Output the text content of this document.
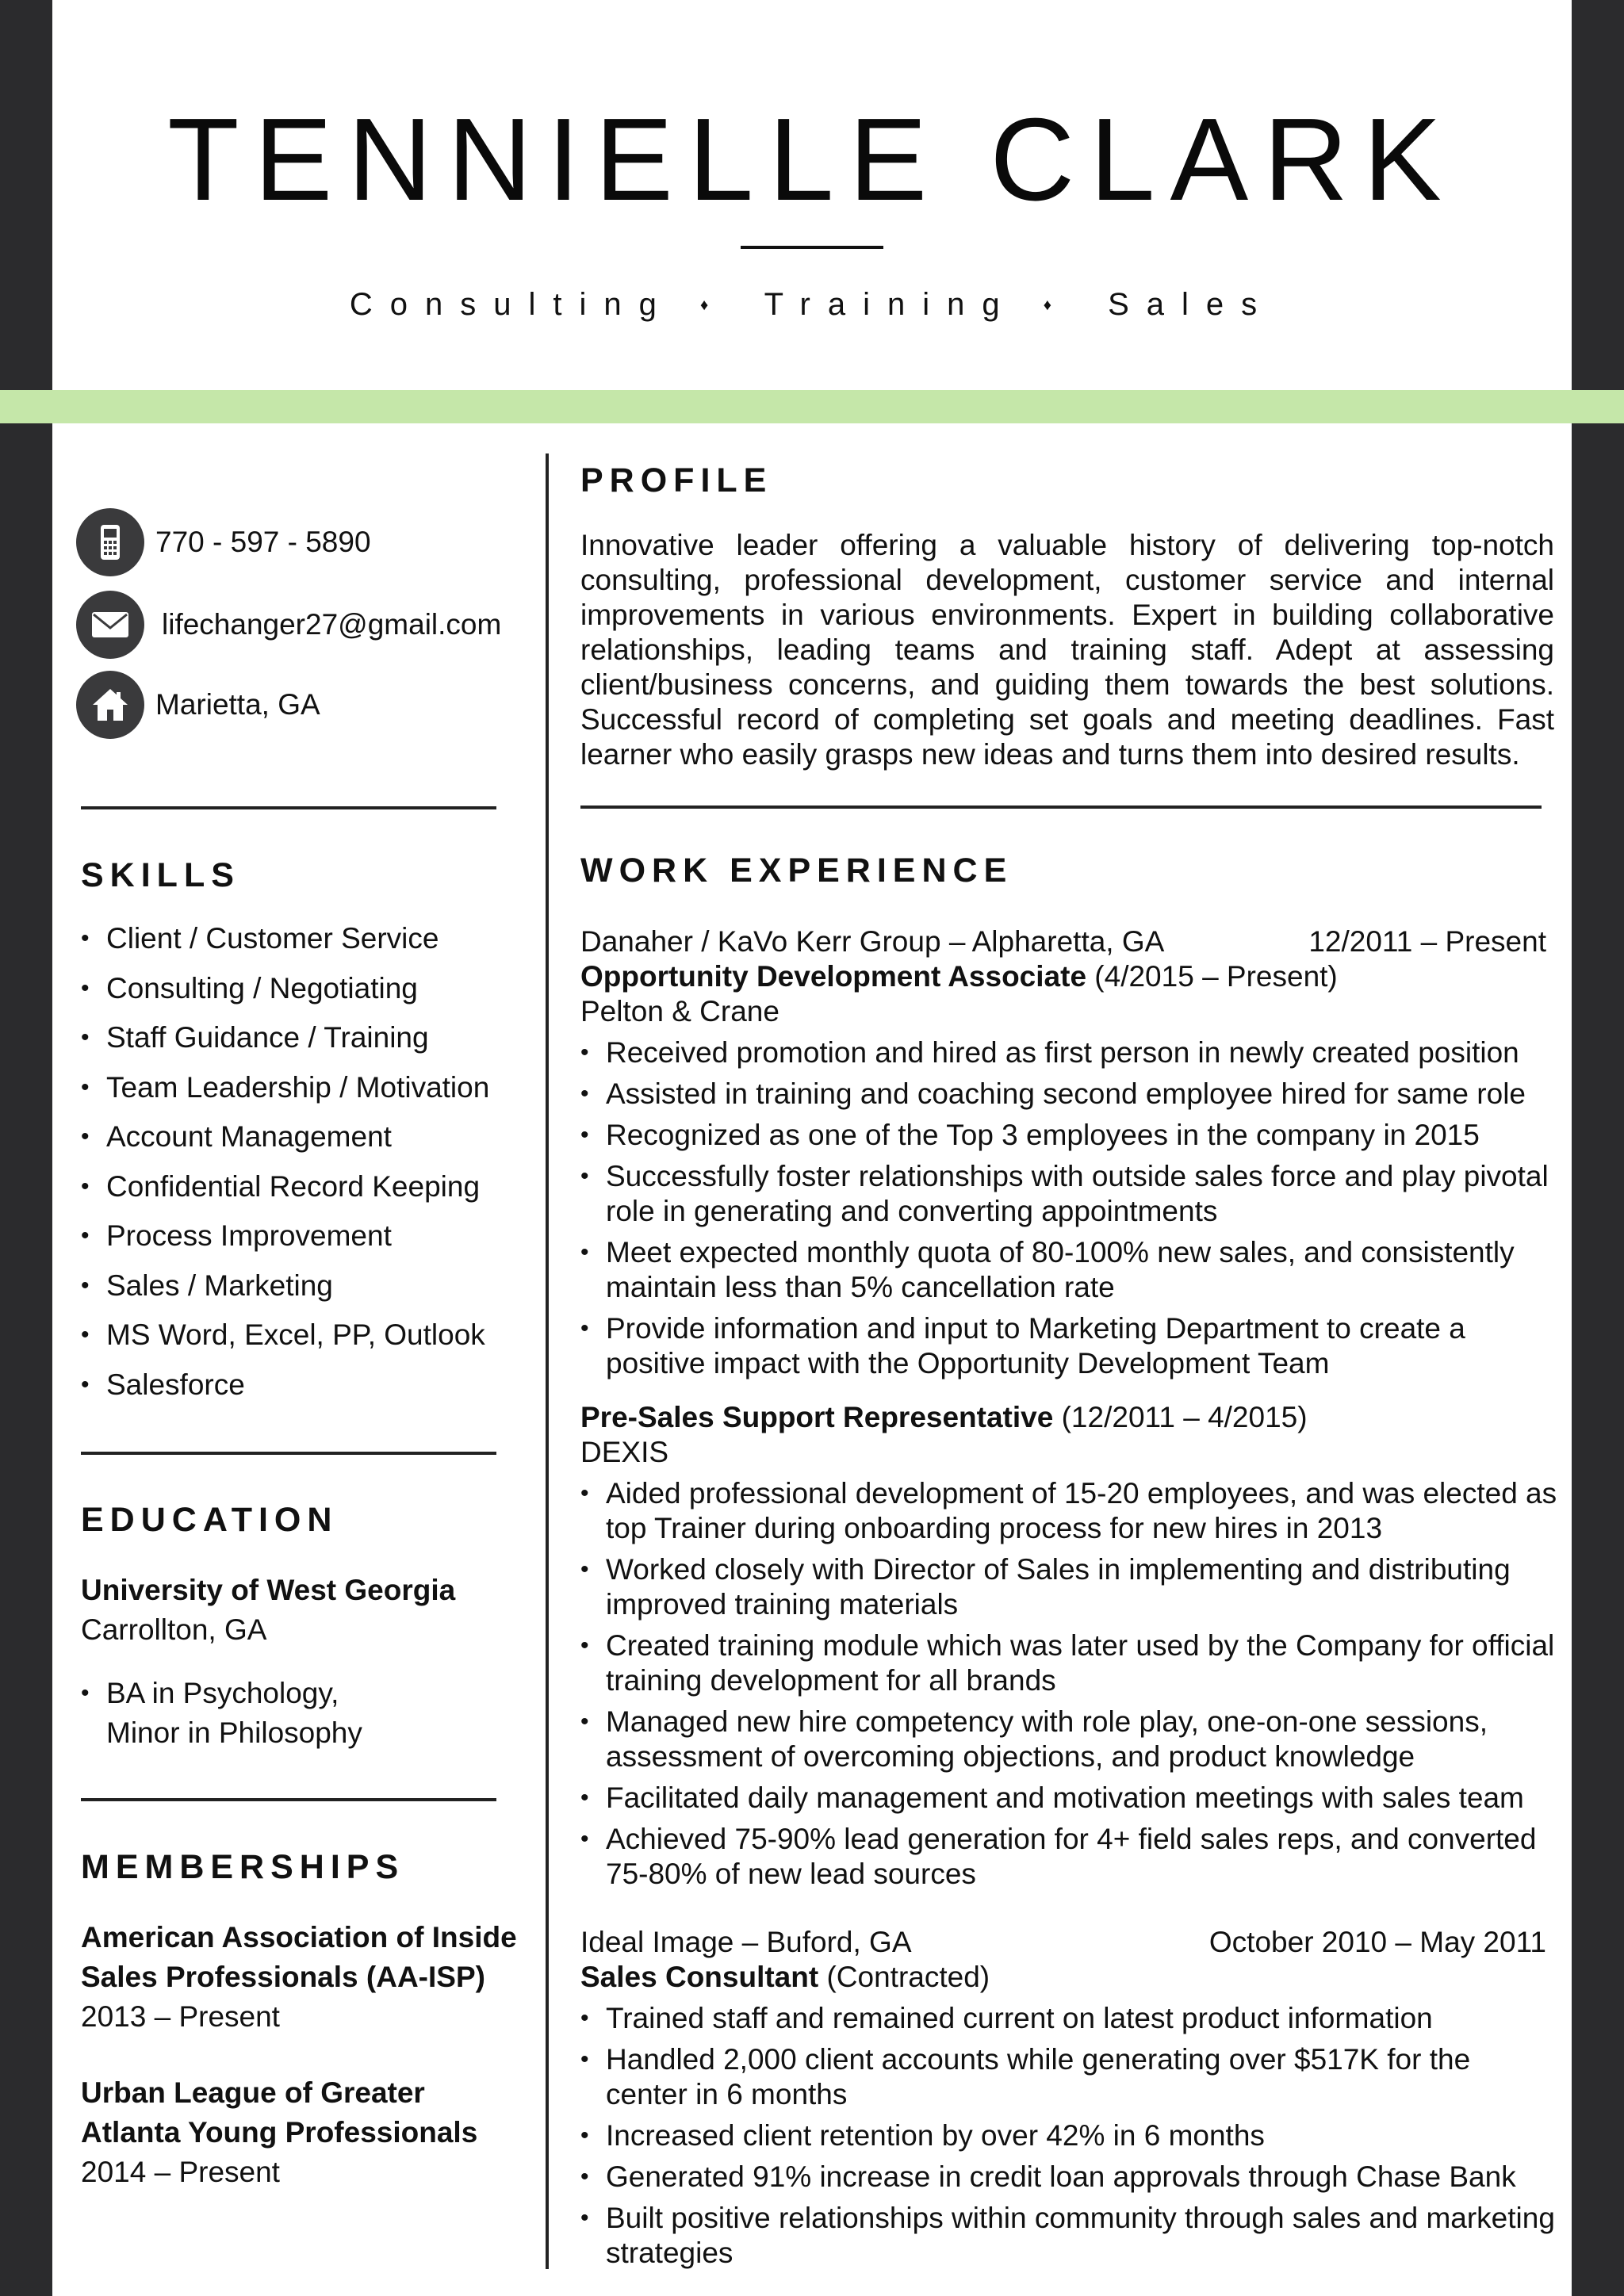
TENNIELLE CLARK
Consulting ♦ Training ♦ Sales
770 - 597 - 5890
lifechanger27@gmail.com
Marietta, GA
SKILLS
• Client / Customer Service
• Consulting / Negotiating
• Staff Guidance / Training
• Team Leadership / Motivation
• Account Management
• Confidential Record Keeping
• Process Improvement
• Sales / Marketing
• MS Word, Excel, PP, Outlook
• Salesforce
EDUCATION

University of West Georgia

Carrollton, GA

• BA in Psychology,
Minor in Philosophy
MEMBERSHIPS

American Association of Inside

Sales Professionals (AA-ISP)

2013 – Present

Urban League of Greater

Atlanta Young Professionals

2014 – Present

PROFILE

Innovative leader offering a valuable history of delivering top-notch consulting, professional development, customer service and internal improvements in various environments. Expert in building collaborative relationships, leading teams and training staff. Adept at assessing client/business concerns, and guiding them towards the best solutions. Successful record of completing set goals and meeting deadlines. Fast learner who easily grasps new ideas and turns them into desired results.

WORK EXPERIENCE

Danaher / KaVo Kerr Group – Alpharetta, GA	12/2011 – Present

Opportunity Development Associate (4/2015 – Present)

Pelton & Crane

• Received promotion and hired as first person in newly created position
• Assisted in training and coaching second employee hired for same role
• Recognized as one of the Top 3 employees in the company in 2015
• Successfully foster relationships with outside sales force and play pivotal role in generating and converting appointments
• Meet expected monthly quota of 80-100% new sales, and consistently maintain less than 5% cancellation rate
• Provide information and input to Marketing Department to create a positive impact with the Opportunity Development Team

Pre-Sales Support Representative (12/2011 – 4/2015)

DEXIS

• Aided professional development of 15-20 employees, and was elected as top Trainer during onboarding process for new hires in 2013
• Worked closely with Director of Sales in implementing and distributing improved training materials
• Created training module which was later used by the Company for official training development for all brands
• Managed new hire competency with role play, one-on-one sessions, assessment of overcoming objections, and product knowledge
• Facilitated daily management and motivation meetings with sales team
• Achieved 75-90% lead generation for 4+ field sales reps, and converted 75-80% of new lead sources

Ideal Image – Buford, GA	October 2010 – May 2011

Sales Consultant (Contracted)

• Trained staff and remained current on latest product information
• Handled 2,000 client accounts while generating over $517K for the center in 6 months
• Increased client retention by over 42% in 6 months
• Generated 91% increase in credit loan approvals through Chase Bank
• Built positive relationships within community through sales and marketing strategies
